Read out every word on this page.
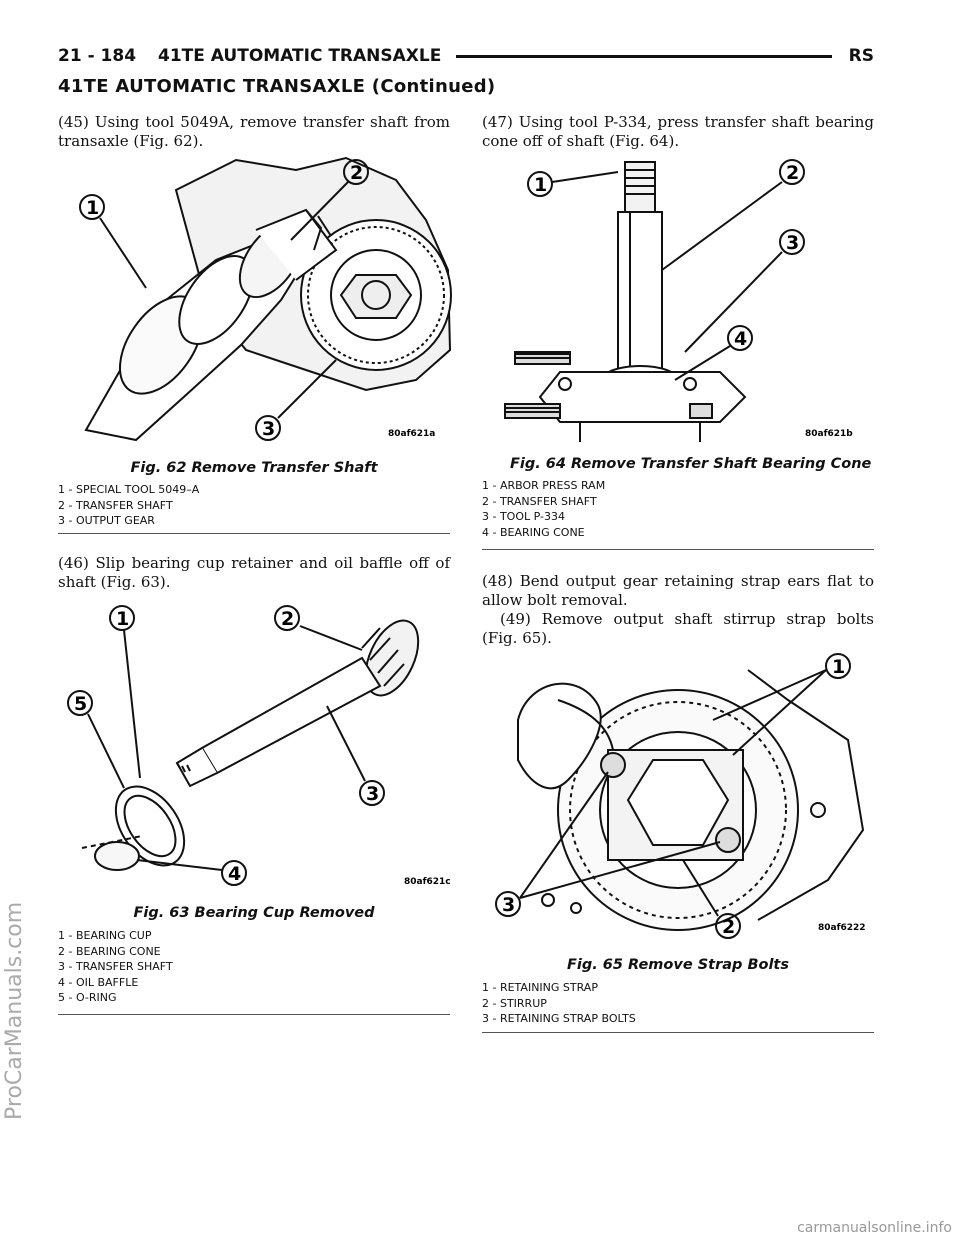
21 - 184 41TE AUTOMATIC TRANSAXLE	RS
41TE AUTOMATIC TRANSAXLE (Continued)

(45) Using tool 5049A, remove transfer shaft from transaxle (Fig. 62).

1
2
3	80af621a
Fig. 62 Remove Transfer Shaft
1 - SPECIAL TOOL 5049–A
2 - TRANSFER SHAFT
3 - OUTPUT GEAR

(46) Slip bearing cup retainer and oil baffle off of shaft (Fig. 63).

1	2
3
4
5
80af621c
Fig. 63 Bearing Cup Removed
1 - BEARING CUP
2 - BEARING CONE
3 - TRANSFER SHAFT
4 - OIL BAFFLE
5 - O-RING

(47) Using tool P-334, press transfer shaft bearing cone off of shaft (Fig. 64).

1
2
3
4
80af621b
Fig. 64 Remove Transfer Shaft Bearing Cone
1 - ARBOR PRESS RAM
2 - TRANSFER SHAFT
3 - TOOL P-334
4 - BEARING CONE

(48) Bend output gear retaining strap ears flat to allow bolt removal.

(49) Remove output shaft stirrup strap bolts (Fig. 65).

1
2
3
80af6222
Fig. 65 Remove Strap Bolts
1 - RETAINING STRAP
2 - STIRRUP
3 - RETAINING STRAP BOLTS
ProCarManuals.com
carmanualsonline.info
